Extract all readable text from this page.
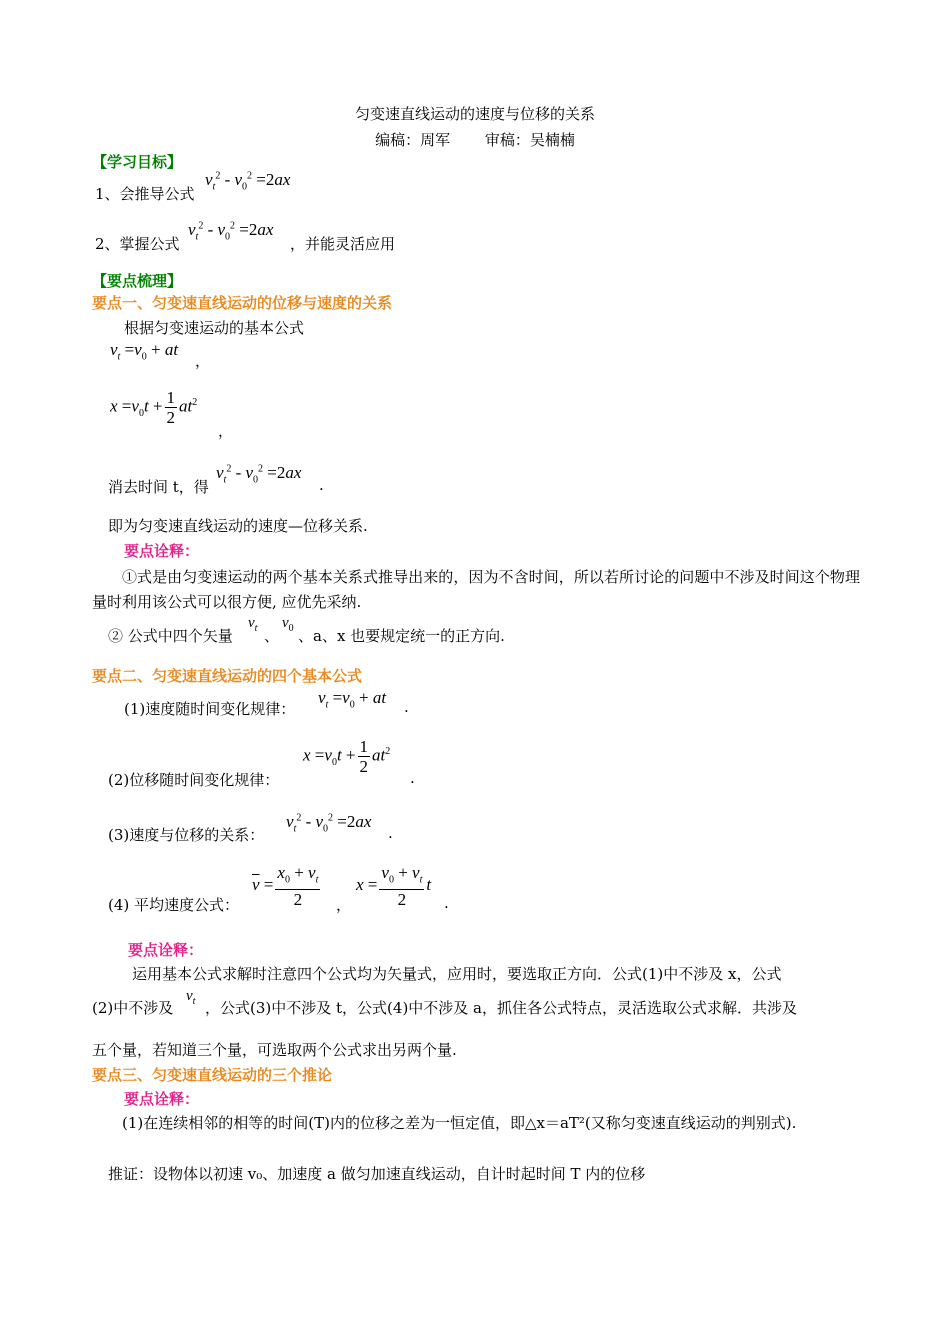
匀变速直线运动的速度与位移的关系
编稿：周军　　 审稿：吴楠楠
【学习目标】
1、会推导公式
$v_t^2 - v_0^2 =2ax$
2、掌握公式
$v_t^2 - v_0^2 =2ax$
，并能灵活应用
【要点梳理】
要点一、匀变速直线运动的位移与速度的关系
根据匀变速运动的基本公式
$v_t =v_0$ + at
，
$x =v_0t + \frac{1}{2} at^2$
，
消去时间 t，得
$v_t^2 - v_0^2 =2ax$
.
即为匀变速直线运动的速度—位移关系.
要点诠释：
①式是由匀变速运动的两个基本关系式推导出来的，因为不含时间，所以若所讨论的问题中不涉及时间这个物理量时利用该公式可以很方便, 应优先采纳.
② 公式中四个矢量
$v_t$ 、
$v_0$ 、a、x 也要规定统一的正方向.
要点二、匀变速直线运动的四个基本公式
(1)速度随时间变化规律：
$v_t =v_0$ + at .
(2)位移随时间变化规律：
$x =v_0t + \frac{1}{2} at^2$
.
(3)速度与位移的关系：
$v_t^2 - v_0^2 =2ax$
.
(4) 平均速度公式：
$\overline{v} = \frac{x_0 + v_t}{2}$ ，
$x = \frac{v_0 + v_t}{2}$ t
.
要点诠释：
运用基本公式求解时注意四个公式均为矢量式，应用时，要选取正方向．公式(1)中不涉及 x，公式
(2)中不涉及
$v_t$ ，公式(3)中不涉及 t，公式(4)中不涉及 a，抓住各公式特点，灵活选取公式求解．共涉及
五个量，若知道三个量，可选取两个公式求出另两个量.
要点三、匀变速直线运动的三个推论
要点诠释：
(1)在连续相邻的相等的时间(T)内的位移之差为一恒定值，即△x＝aT²(又称匀变速直线运动的判别式).
推证：设物体以初速 v₀、加速度 a 做匀加速直线运动，自计时起时间 T 内的位移
